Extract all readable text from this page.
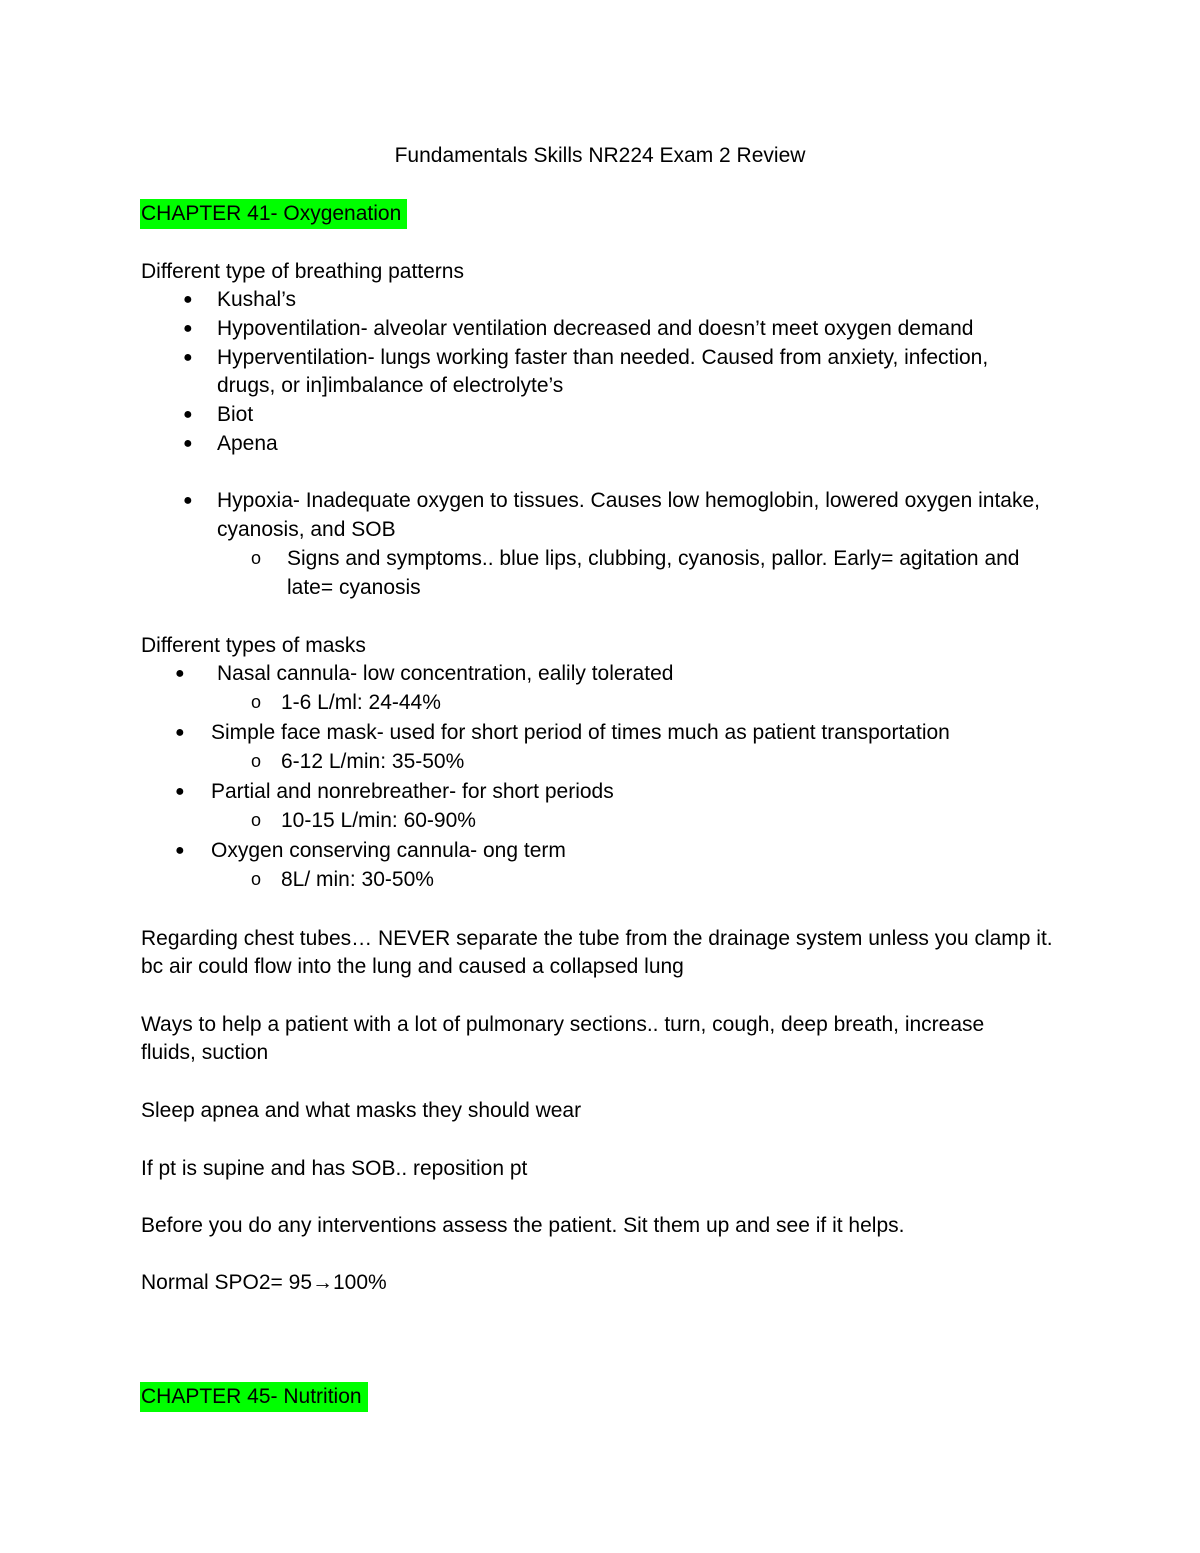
Fundamentals Skills NR224 Exam 2 Review
CHAPTER 41- Oxygenation
Different type of breathing patterns
● Kushal’s
● Hypoventilation- alveolar ventilation decreased and doesn’t meet oxygen demand
● Hyperventilation- lungs working faster than needed. Caused from anxiety, infection,
drugs, or in]imbalance of electrolyte’s
● Biot
● Apena
● Hypoxia- Inadequate oxygen to tissues. Causes low hemoglobin, lowered oxygen intake,
cyanosis, and SOB
o Signs and symptoms.. blue lips, clubbing, cyanosis, pallor. Early= agitation and
late= cyanosis
Different types of masks
● Nasal cannula- low concentration, ealily tolerated
o 1-6 L/ml: 24-44%
● Simple face mask- used for short period of times much as patient transportation
o 6-12 L/min: 35-50%
● Partial and nonrebreather- for short periods
o 10-15 L/min: 60-90%
● Oxygen conserving cannula- ong term
o 8L/ min: 30-50%
Regarding chest tubes… NEVER separate the tube from the drainage system unless you clamp it.
bc air could flow into the lung and caused a collapsed lung
Ways to help a patient with a lot of pulmonary sections.. turn, cough, deep breath, increase
fluids, suction
Sleep apnea and what masks they should wear
If pt is supine and has SOB.. reposition pt
Before you do any interventions assess the patient. Sit them up and see if it helps.
Normal SPO2= 95→100%
CHAPTER 45- Nutrition
